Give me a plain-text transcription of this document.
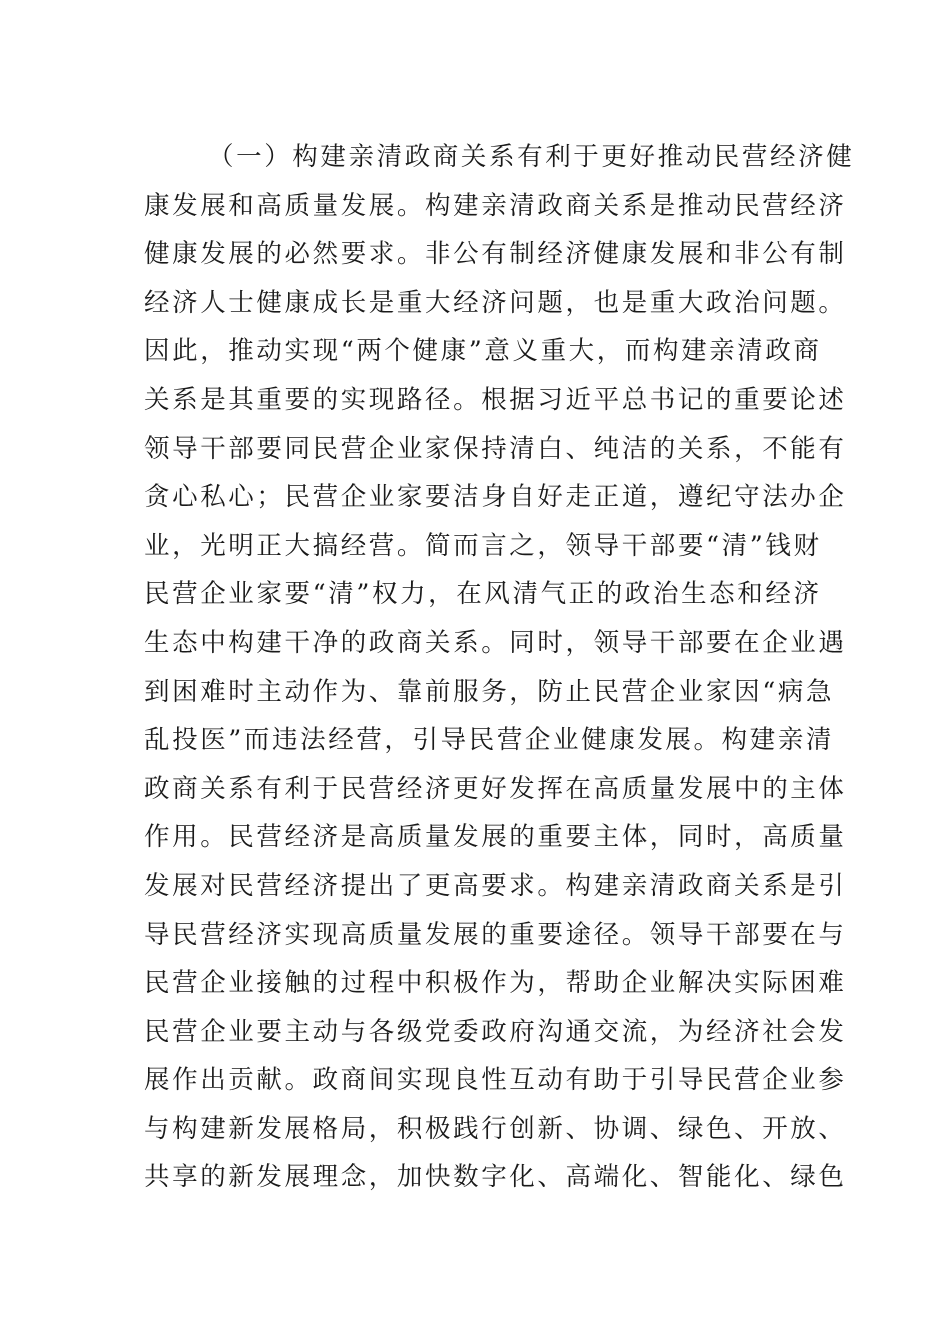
（一）构建亲清政商关系有利于更好推动民营经济健
康发展和高质量发展。构建亲清政商关系是推动民营经济
健康发展的必然要求。非公有制经济健康发展和非公有制
经济人士健康成长是重大经济问题，也是重大政治问题。
因此，推动实现“两个健康”意义重大，而构建亲清政商
关系是其重要的实现路径。根据习近平总书记的重要论述
领导干部要同民营企业家保持清白、纯洁的关系，不能有
贪心私心；民营企业家要洁身自好走正道，遵纪守法办企
业，光明正大搞经营。简而言之，领导干部要“清”钱财
民营企业家要“清”权力，在风清气正的政治生态和经济
生态中构建干净的政商关系。同时，领导干部要在企业遇
到困难时主动作为、靠前服务，防止民营企业家因“病急
乱投医”而违法经营，引导民营企业健康发展。构建亲清
政商关系有利于民营经济更好发挥在高质量发展中的主体
作用。民营经济是高质量发展的重要主体，同时，高质量
发展对民营经济提出了更高要求。构建亲清政商关系是引
导民营经济实现高质量发展的重要途径。领导干部要在与
民营企业接触的过程中积极作为，帮助企业解决实际困难
民营企业要主动与各级党委政府沟通交流，为经济社会发
展作出贡献。政商间实现良性互动有助于引导民营企业参
与构建新发展格局，积极践行创新、协调、绿色、开放、
共享的新发展理念，加快数字化、高端化、智能化、绿色
